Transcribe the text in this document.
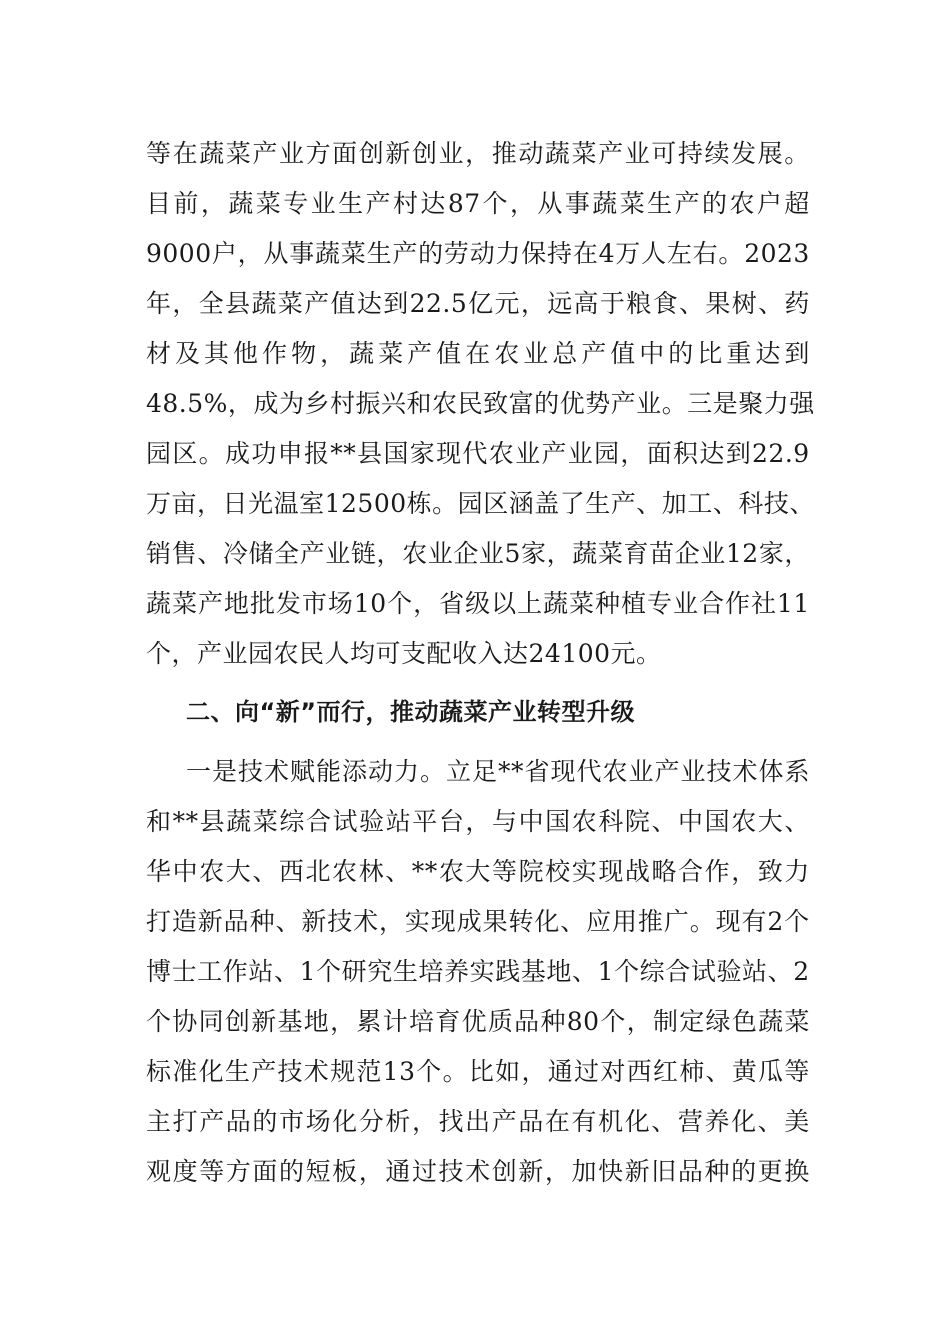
等 在 蔬 菜 产 业 方 面 创 新 创 业 ， 推 动 蔬 菜 产 业 可 持 续 发 展 。
目 前 ， 蔬 菜 专 业 生 产 村 达 87 个 ， 从 事 蔬 菜 生 产 的 农 户 超
9000 户 ， 从 事 蔬 菜 生 产 的 劳 动 力 保 持 在 4 万 人 左 右 。 2023
年 ， 全 县 蔬 菜 产 值 达 到 22.5 亿 元 ， 远 高 于 粮 食 、 果 树 、 药
材 及 其 他 作 物 ， 蔬 菜 产 值 在 农 业 总 产 值 中 的 比 重 达 到
48.5% ， 成 为 乡 村 振 兴 和 农 民 致 富 的 优 势 产 业 。 三 是 聚 力 强
园 区 。 成 功 申 报 ** 县 国 家 现 代 农 业 产 业 园 ， 面 积 达 到 22.9
万 亩 ， 日 光 温 室 12500 栋 。 园 区 涵 盖 了 生 产 、 加 工 、 科 技 、
销 售 、 冷 储 全 产 业 链 ， 农 业 企 业 5 家 ， 蔬 菜 育 苗 企 业 12 家 ，
蔬 菜 产 地 批 发 市 场 10 个 ， 省 级 以 上 蔬 菜 种 植 专 业 合 作 社 11
个，产业园农民人均可支配收入达24100元。
二、向“新”而行，推动蔬菜产业转型升级
一 是 技 术 赋 能 添 动 力 。 立 足 ** 省 现 代 农 业 产 业 技 术 体 系
和 ** 县 蔬 菜 综 合 试 验 站 平 台 ， 与 中 国 农 科 院 、 中 国 农 大 、
华 中 农 大 、 西 北 农 林 、 ** 农 大 等 院 校 实 现 战 略 合 作 ， 致 力
打 造 新 品 种 、 新 技 术 ， 实 现 成 果 转 化 、 应 用 推 广 。 现 有 2 个
博 士 工 作 站 、 1 个 研 究 生 培 养 实 践 基 地 、 1 个 综 合 试 验 站 、 2
个 协 同 创 新 基 地 ， 累 计 培 育 优 质 品 种 80 个 ， 制 定 绿 色 蔬 菜
标 准 化 生 产 技 术 规 范 13 个 。 比 如 ， 通 过 对 西 红 柿 、 黄 瓜 等
主 打 产 品 的 市 场 化 分 析 ， 找 出 产 品 在 有 机 化 、 营 养 化 、 美
观 度 等 方 面 的 短 板 ， 通 过 技 术 创 新 ， 加 快 新 旧 品 种 的 更 换
